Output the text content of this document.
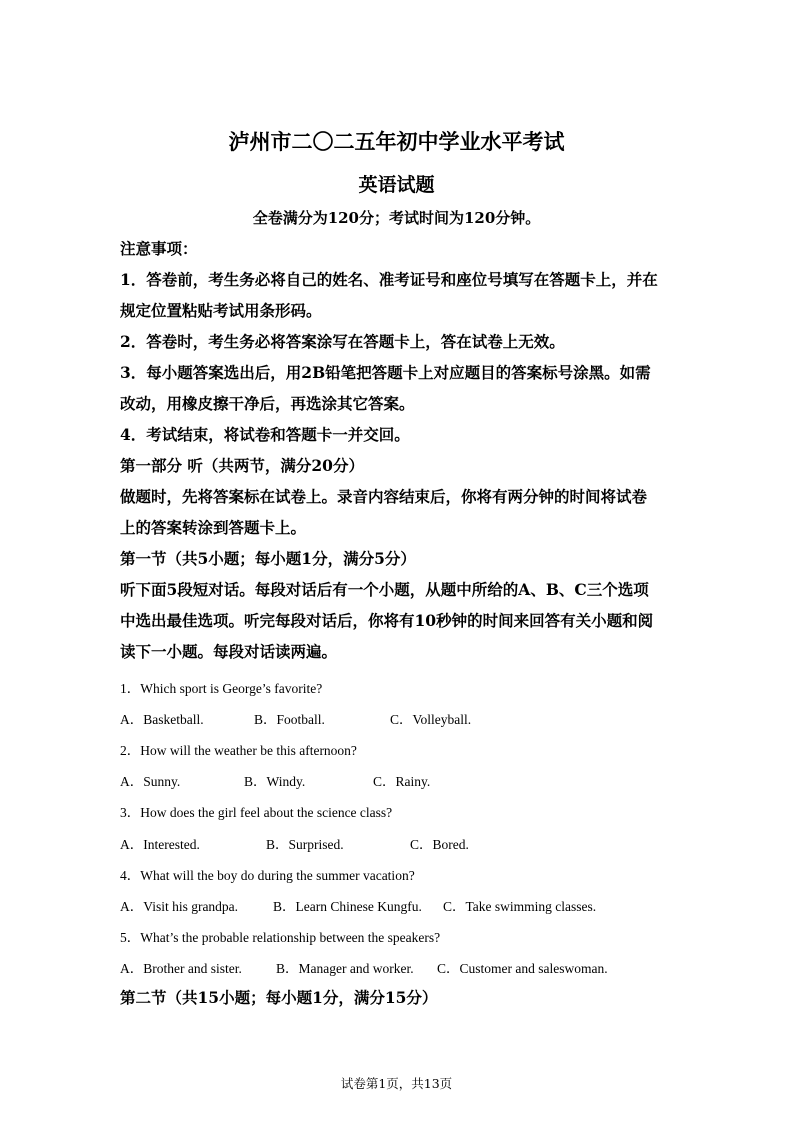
泸州市二〇二五年初中学业水平考试
英语试题
全卷满分为120分；考试时间为120分钟。
注意事项：
1．答卷前，考生务必将自己的姓名、准考证号和座位号填写在答题卡上，并在
规定位置粘贴考试用条形码。
2．答卷时，考生务必将答案涂写在答题卡上，答在试卷上无效。
3．每小题答案选出后，用2B铅笔把答题卡上对应题目的答案标号涂黑。如需
改动，用橡皮擦干净后，再选涂其它答案。
4．考试结束，将试卷和答题卡一并交回。
第一部分 听（共两节，满分20分）
做题时，先将答案标在试卷上。录音内容结束后，你将有两分钟的时间将试卷
上的答案转涂到答题卡上。
第一节（共5小题；每小题1分，满分5分）
听下面5段短对话。每段对话后有一个小题，从题中所给的A、B、C三个选项
中选出最佳选项。听完每段对话后，你将有10秒钟的时间来回答有关小题和阅
读下一小题。每段对话读两遍。
1．Which sport is George’s favorite?
A．Basketball.	B．Football.	C．Volleyball.
2．How will the weather be this afternoon?
A．Sunny.	B．Windy.	C．Rainy.
3．How does the girl feel about the science class?
A．Interested.	B．Surprised.	C．Bored.
4．What will the boy do during the summer vacation?
A．Visit his grandpa.	B．Learn Chinese Kungfu. C．Take swimming classes.
5．What’s the probable relationship between the speakers?
A．Brother and sister.	B．Manager and worker. C．Customer and saleswoman.
第二节（共15小题；每小题1分，满分15分）
试卷第1页，共13页
